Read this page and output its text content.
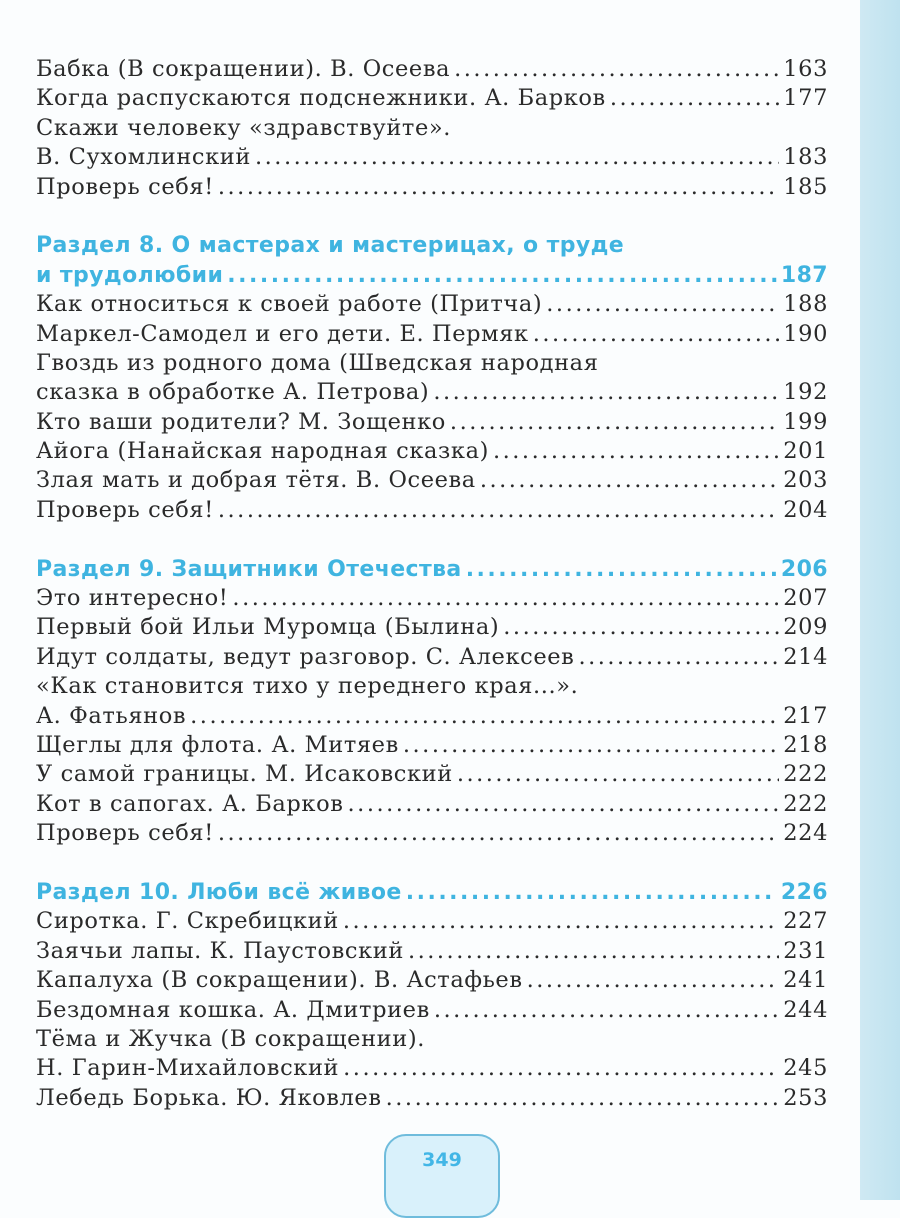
Бабка (В сокращении). В. Осеева .....	163
Когда распускаются подснежники. А. Барков .....	177
Скажи человеку «здравствуйте».
В. Сухомлинский .....	183
Проверь себя! .....	185
Раздел 8. О мастерах и мастерицах, о труде
и трудолюбии .....	187
Как относиться к своей работе (Притча) .....	188
Маркел-Самодел и его дети. Е. Пермяк .....	190
Гвоздь из родного дома (Шведская народная
сказка в обработке А. Петрова) .....	192
Кто ваши родители? М. Зощенко .....	199
Айога (Нанайская народная сказка) .....	201
Злая мать и добрая тётя. В. Осеева .....	203
Проверь себя! .....	204
Раздел 9. Защитники Отечества .....	206
Это интересно! .....	207
Первый бой Ильи Муромца (Былина) .....	209
Идут солдаты, ведут разговор. С. Алексеев .....	214
«Как становится тихо у переднего края...».
А. Фатьянов .....	217
Щеглы для флота. А. Митяев .....	218
У самой границы. М. Исаковский .....	222
Кот в сапогах. А. Барков .....	222
Проверь себя! .....	224
Раздел 10. Люби всё живое .....	226
Сиротка. Г. Скребицкий .....	227
Заячьи лапы. К. Паустовский .....	231
Капалуха (В сокращении). В. Астафьев .....	241
Бездомная кошка. А. Дмитриев .....	244
Тёма и Жучка (В сокращении).
Н. Гарин-Михайловский .....	245
Лебедь Борька. Ю. Яковлев .....	253
349
